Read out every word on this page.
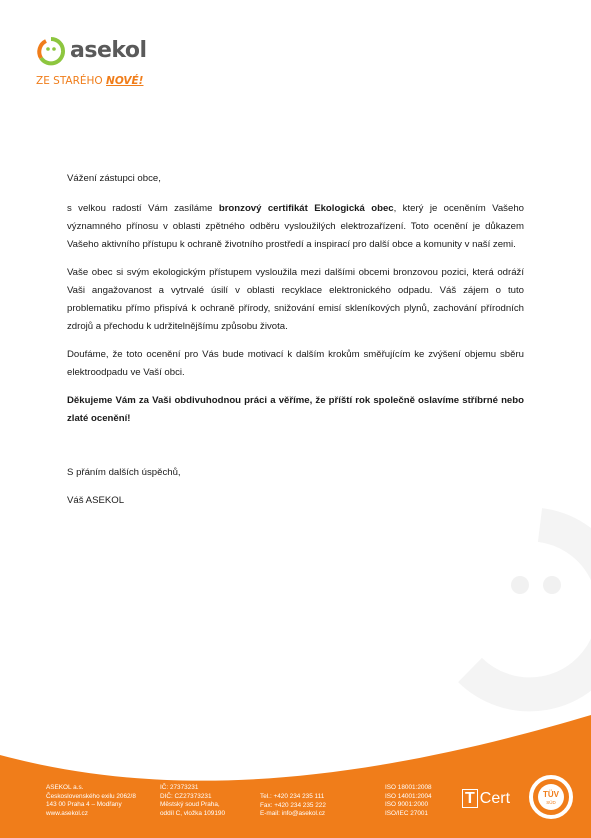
asekol
ZE STARÉHO NOVÉ!

Vážení zástupci obce,

s velkou radostí Vám zasíláme bronzový certifikát Ekologická obec, který je oceněním Vašeho významného přínosu v oblasti zpětného odběru vysloužilých elektrozařízení. Toto ocenění je důkazem Vašeho aktivního přístupu k ochraně životního prostředí a inspirací pro další obce a komunity v naší zemi.

Vaše obec si svým ekologickým přístupem vysloužila mezi dalšími obcemi bronzovou pozici, která odráží Vaši angažovanost a vytrvalé úsilí v oblasti recyklace elektronického odpadu. Váš zájem o tuto problematiku přímo přispívá k ochraně přírody, snižování emisí skleníkových plynů, zachování přírodních zdrojů a přechodu k udržitelnějšímu způsobu života.

Doufáme, že toto ocenění pro Vás bude motivací k dalším krokům směřujícím ke zvýšení objemu sběru elektroodpadu ve Vaší obci.

Děkujeme Vám za Vaši obdivuhodnou práci a věříme, že příští rok společně oslavíme stříbrné nebo zlaté ocenění!

S přáním dalších úspěchů,

Váš ASEKOL

ASEKOL a.s.
Československého exilu 2062/8
143 00 Praha 4 – Modřany
www.asekol.cz
IČ: 27373231
DIČ: CZ27373231
Městský soud Praha,
oddíl C, vložka 109190
Tel.: +420 234 235 111
Fax: +420 234 235 222
E-mail: info@asekol.cz
ISO 18001:2008
ISO 14001:2004
ISO 9001:2000
ISO/IEC 27001
T Cert	TÜV
SÜD
